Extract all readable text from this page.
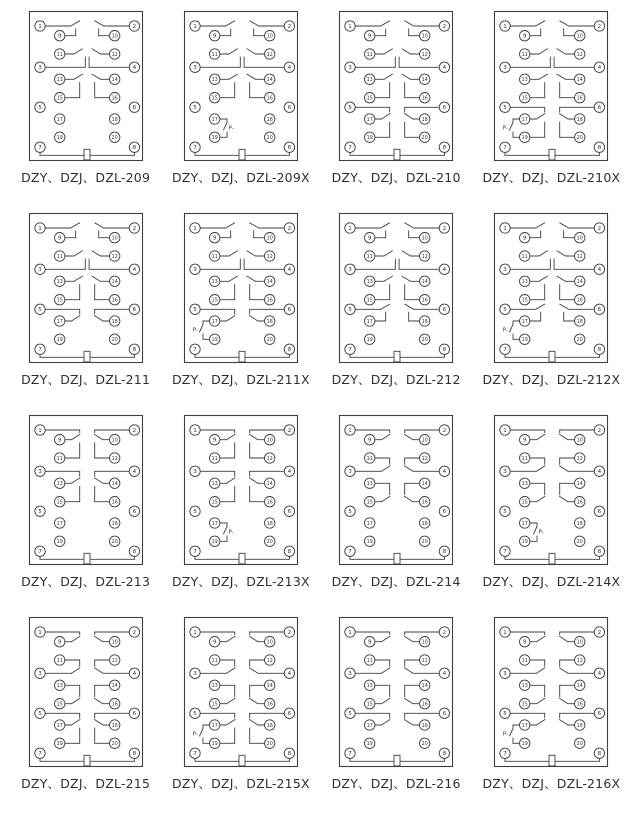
1	2
3	4
5	6
7	8
9	10
11	12
13	14
15	16
17	18
19	20
DZY、DZJ、DZL-209
P-
1	2
3	4
5	6
7	8
9	10
11	12
13	14
15	16
17	18
19	20
DZY、DZJ、DZL-209X
1	2
3	4
5	6
7	8
9	10
11	12
13	14
15	16
17	18
19	20
DZY、DZJ、DZL-210
P-
1	2
3	4
5	6
7	8
9	10
11	12
13	14
15	16
17	18
19	20
DZY、DZJ、DZL-210X
1	2
3	4
5	6
7	8
9	10
11	12
13	14
15	16
17	18
19	20
DZY、DZJ、DZL-211
P-
1	2
3	4
5	6
7	8
9	10
11	12
13	14
15	16
17	18
19	20
DZY、DZJ、DZL-211X
1	2
3	4
5	6
7	8
9	10
11	12
13	14
15	16
17	18
19	20
DZY、DZJ、DZL-212
P-
1	2
3	4
5	6
7	8
9	10
11	12
13	14
15	16
17	18
19	20
DZY、DZJ、DZL-212X
1	2
3	4
5	6
7	8
9	10
11	12
13	14
15	16
17	18
19	20
DZY、DZJ、DZL-213
P-
1	2
3	4
5	6
7	8
9	10
11	12
13	14
15	16
17	18
19	20
DZY、DZJ、DZL-213X
1	2
3	4
5	6
7	8
9	10
11	12
13	14
15	16
17	18
19	20
DZY、DZJ、DZL-214
P-
1	2
3	4
5	6
7	8
9	10
11	12
13	14
15	16
17	18
19	20
DZY、DZJ、DZL-214X
1	2
3	4
5	6
7	8
9	10
11	12
13	14
15	16
17	18
19	20
DZY、DZJ、DZL-215
P-
1	2
3	4
5	6
7	8
9	10
11	12
13	14
15	16
17	18
19	20
DZY、DZJ、DZL-215X
1	2
3	4
5	6
7	8
9	10
11	12
13	14
15	16
17	18
19	20
DZY、DZJ、DZL-216
P-
1	2
3	4
5	6
7	8
9	10
11	12
13	14
15	16
17	18
19	20
DZY、DZJ、DZL-216X
